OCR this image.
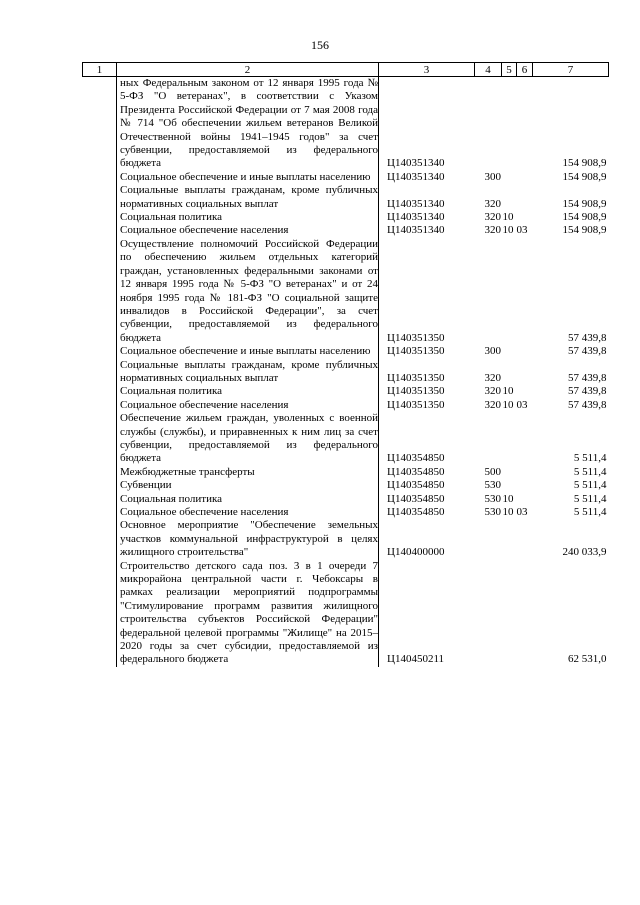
156
1	2	3	4	5	6	7
	ных Федеральным законом от 12 января 1995 года № 5-ФЗ "О ветеранах", в соответствии с Указом Президента Российской Федерации от 7 мая 2008 года № 714 "Об обеспечении жильем ветеранов Великой Отечественной войны 1941–1945 годов" за счет субвенции, предоставляемой из федерального бюджета	Ц140351340				154 908,9
	Социальное обеспечение и иные выплаты населению	Ц140351340	300			154 908,9
	Социальные выплаты гражданам, кроме публичных нормативных социальных выплат	Ц140351340	320			154 908,9
	Социальная политика	Ц140351340	320	10		154 908,9
	Социальное обеспечение населения	Ц140351340	320	10	03	154 908,9
	Осуществление полномочий Российской Федерации по обеспечению жильем отдельных категорий граждан, установленных федеральными законами от 12 января 1995 года № 5-ФЗ "О ветеранах" и от 24 ноября 1995 года № 181-ФЗ "О социальной защите инвалидов в Российской Федерации", за счет субвенции, предоставляемой из федерального бюджета	Ц140351350				57 439,8
	Социальное обеспечение и иные выплаты населению	Ц140351350	300			57 439,8
	Социальные выплаты гражданам, кроме публичных нормативных социальных выплат	Ц140351350	320			57 439,8
	Социальная политика	Ц140351350	320	10		57 439,8
	Социальное обеспечение населения	Ц140351350	320	10	03	57 439,8
	Обеспечение жильем граждан, уволенных с военной службы (службы), и приравненных к ним лиц за счет субвенции, предоставляемой из федерального бюджета	Ц140354850				5 511,4
	Межбюджетные трансферты	Ц140354850	500			5 511,4
	Субвенции	Ц140354850	530			5 511,4
	Социальная политика	Ц140354850	530	10		5 511,4
	Социальное обеспечение населения	Ц140354850	530	10	03	5 511,4
	Основное мероприятие "Обеспечение земельных участков коммунальной инфраструктурой в целях жилищного строительства"	Ц140400000				240 033,9
	Строительство детского сада поз. 3 в 1 очереди 7 микрорайона центральной части г. Чебоксары в рамках реализации мероприятий подпрограммы "Стимулирование программ развития жилищного строительства субъектов Российской Федерации" федеральной целевой программы "Жилище" на 2015–2020 годы за счет субсидии, предоставляемой из федерального бюджета	Ц140450211				62 531,0
